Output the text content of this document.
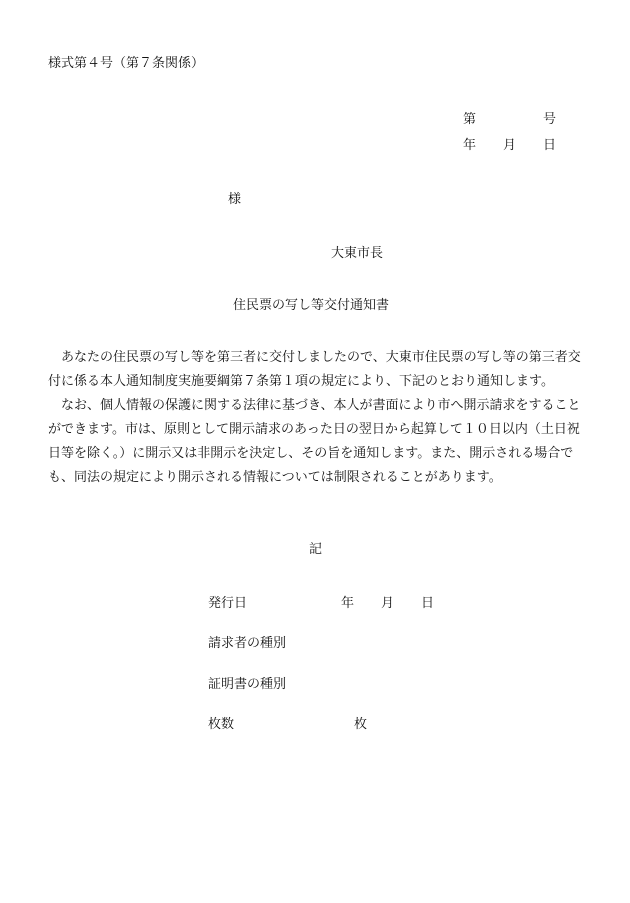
様式第４号（第７条関係）
第	号
年 月 日
様
大東市長
住民票の写し等交付通知書
あなたの住民票の写し等を第三者に交付しましたので、大東市住民票の写し等の第三者交付に係る本人通知制度実施要綱第７条第１項の規定により、下記のとおり通知します。
なお、個人情報の保護に関する法律に基づき、本人が書面により市へ開示請求をすることができます。市は、原則として開示請求のあった日の翌日から起算して１０日以内（土日祝日等を除く。）に開示又は非開示を決定し、その旨を通知します。また、開示される場合でも、同法の規定により開示される情報については制限されることがあります。
記
発行日	年 月 日
請求者の種別
証明書の種別
枚数	枚
